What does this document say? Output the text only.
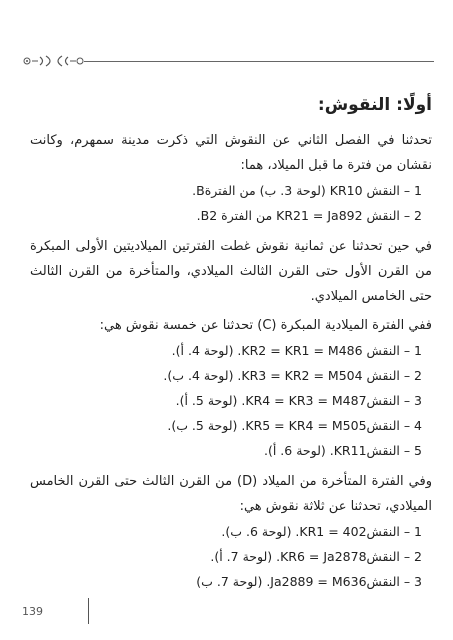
أولًا: النقوش:

تحدثنا في الفصل الثاني عن النقوش التي ذكرت مدينة سمهرم، وكانت نقشان من فترة ما قبل الميلاد، هما:

1 – النقش KR10 (لوحة 3. ب) من الفترةB.
2 – النقش KR21 = Ja892 من الفترة B2.

في حين تحدثنا عن ثمانية نقوش غطت الفترتين الميلاديتين الأولى المبكرة من القرن الأول حتى القرن الثالث الميلادي، والمتأخرة من القرن الثالث حتى الخامس الميلادي.

ففي الفترة الميلادية المبكرة (C) تحدثنا عن خمسة نقوش هي:

1 – النقش KR2 = KR1 = M486. (لوحة 4. أ).
2 – النقش KR3 = KR2 = M504. (لوحة 4. ب).
3 – النقشKR4 = KR3 = M487. (لوحة 5. أ).
4 – النقشKR5 = KR4 = M505. (لوحة 5. ب).
5 – النقشKR11. (لوحة 6. أ).

وفي الفترة المتأخرة من الميلاد (D) من القرن الثالث حتى القرن الخامس الميلادي، تحدثنا عن ثلاثة نقوش هي:

1 – النقشKR1 = 402. (لوحة 6. ب).
2 – النقشKR6 = Ja2878. (لوحة 7. أ).
3 – النقشJa2889 = M636. (لوحة 7. ب)
139
